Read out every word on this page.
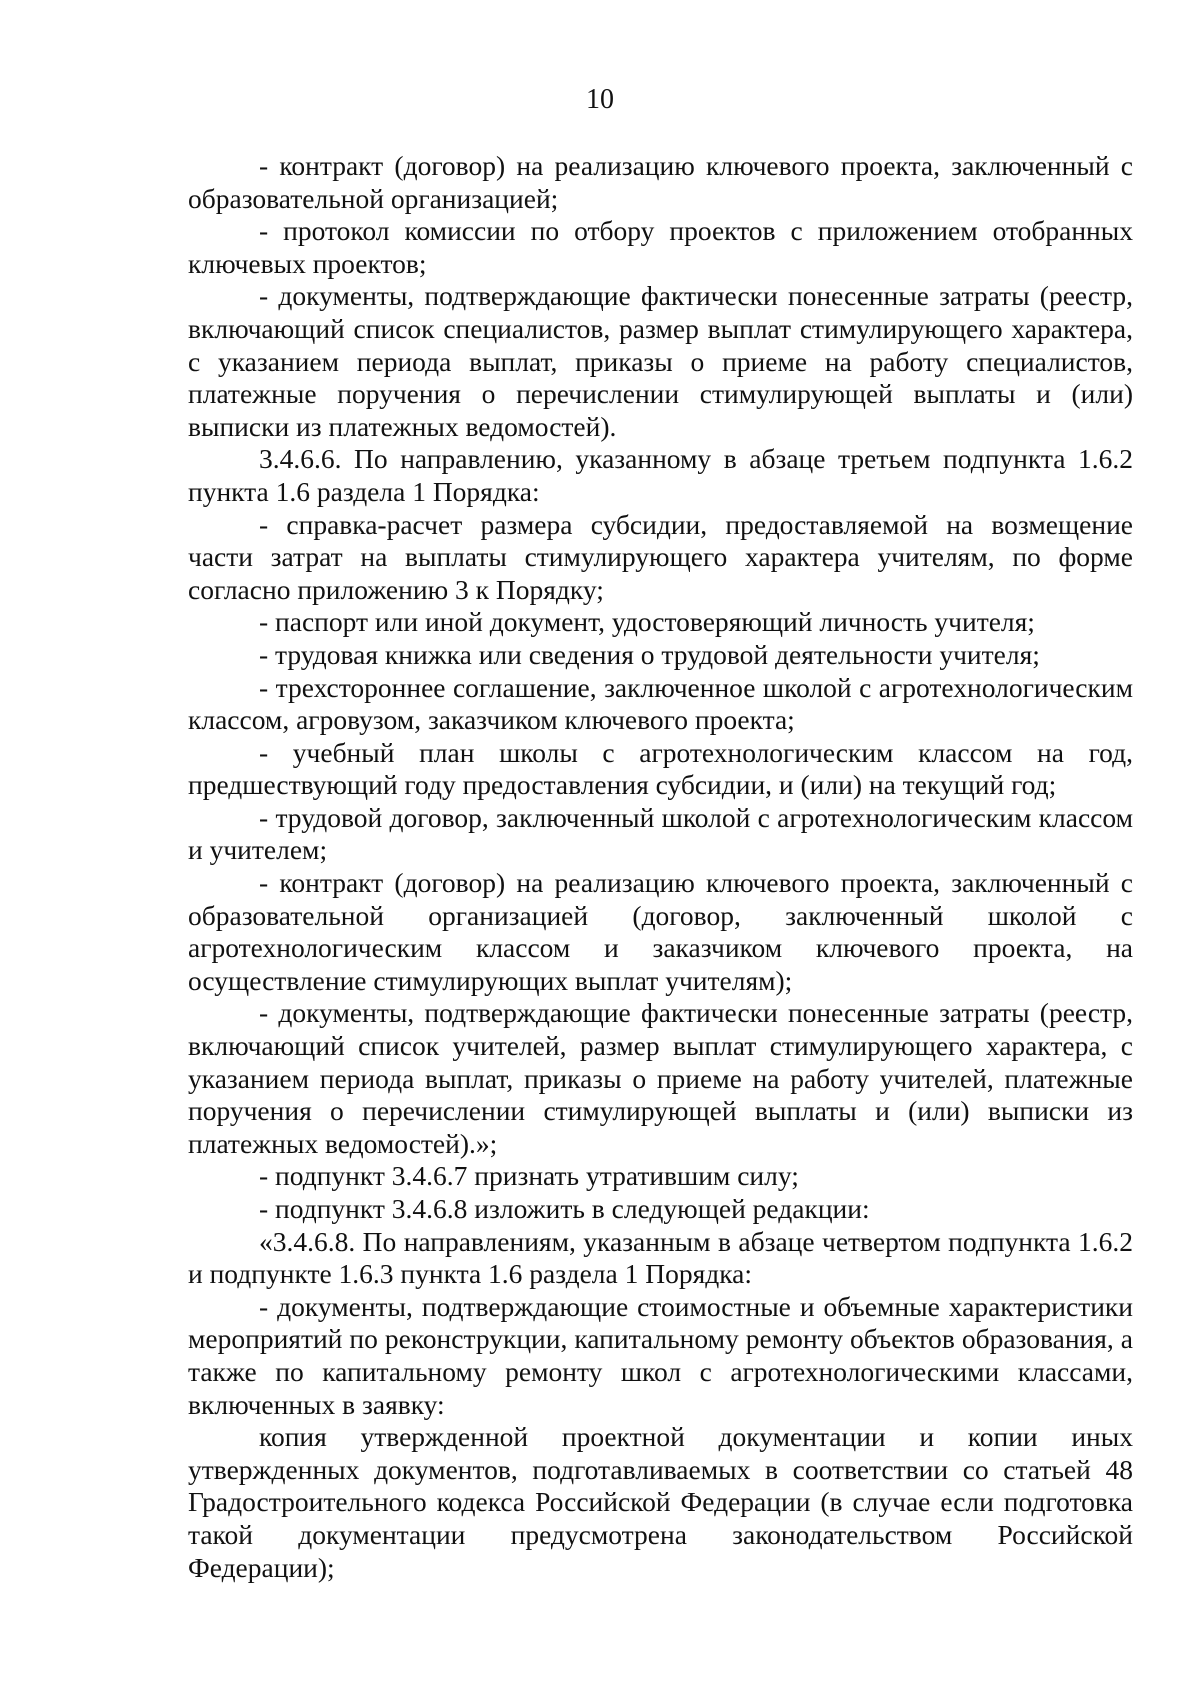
10

- контракт (договор) на реализацию ключевого проекта, заключенный с образовательной организацией;

- протокол комиссии по отбору проектов с приложением отобранных ключевых проектов;

- документы, подтверждающие фактически понесенные затраты (реестр, включающий список специалистов, размер выплат стимулирующего характера, с указанием периода выплат, приказы о приеме на работу специалистов, платежные поручения о перечислении стимулирующей выплаты и (или) выписки из платежных ведомостей).

3.4.6.6. По направлению, указанному в абзаце третьем подпункта 1.6.2 пункта 1.6 раздела 1 Порядка:

- справка-расчет размера субсидии, предоставляемой на возмещение части затрат на выплаты стимулирующего характера учителям, по форме согласно приложению 3 к Порядку;

- паспорт или иной документ, удостоверяющий личность учителя;

- трудовая книжка или сведения о трудовой деятельности учителя;

- трехстороннее соглашение, заключенное школой с агротехнологическим классом, агровузом, заказчиком ключевого проекта;

- учебный план школы с агротехнологическим классом на год, предшествующий году предоставления субсидии, и (или) на текущий год;

- трудовой договор, заключенный школой с агротехнологическим классом и учителем;

- контракт (договор) на реализацию ключевого проекта, заключенный с образовательной организацией (договор, заключенный школой с агротехнологическим классом и заказчиком ключевого проекта, на осуществление стимулирующих выплат учителям);

- документы, подтверждающие фактически понесенные затраты (реестр, включающий список учителей, размер выплат стимулирующего характера, с указанием периода выплат, приказы о приеме на работу учителей, платежные поручения о перечислении стимулирующей выплаты и (или) выписки из платежных ведомостей).»;

- подпункт 3.4.6.7 признать утратившим силу;

- подпункт 3.4.6.8 изложить в следующей редакции:

«3.4.6.8. По направлениям, указанным в абзаце четвертом подпункта 1.6.2 и подпункте 1.6.3 пункта 1.6 раздела 1 Порядка:

- документы, подтверждающие стоимостные и объемные характеристики мероприятий по реконструкции, капитальному ремонту объектов образования, а также по капитальному ремонту школ с агротехнологическими классами, включенных в заявку:

копия утвержденной проектной документации и копии иных утвержденных документов, подготавливаемых в соответствии со статьей 48 Градостроительного кодекса Российской Федерации (в случае если подготовка такой документации предусмотрена законодательством Российской Федерации);
